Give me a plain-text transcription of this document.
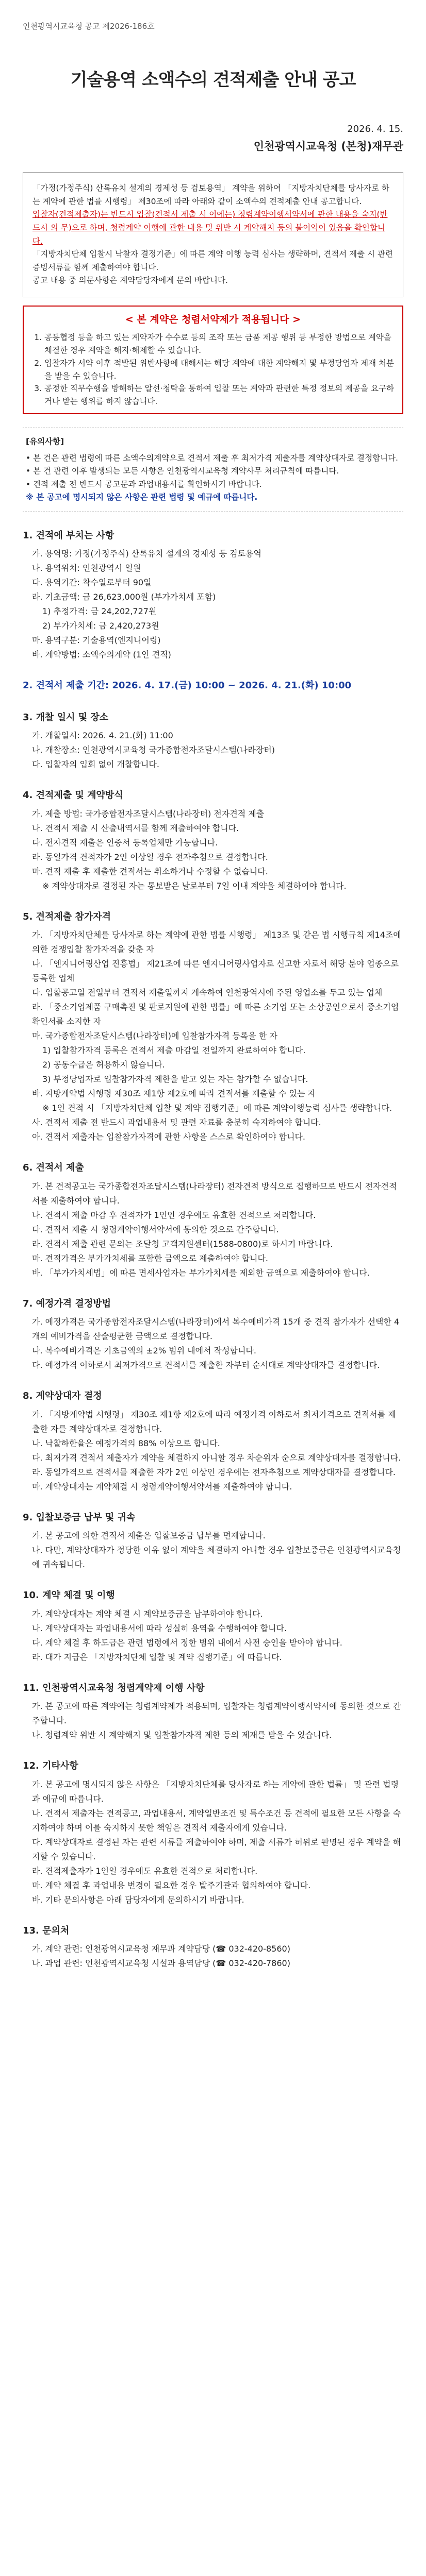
인천광역시교육청 공고 제2026-186호
기술용역 소액수의 견적제출 안내 공고
2026. 4. 15.
인천광역시교육청 (본청)재무관
「가정(가정주식) 산록유치 설계의 경제성 등 검토용역」 계약을 위하여 「지방자치단체를 당사자로 하는 계약에 관한 법률 시행령」 제30조에 따라 아래와 같이 소액수의 견적제출 안내 공고합니다.
입찰자(견적제출자)는 반드시 입찰(견적서 제출 시 이에는) 청렴계약이행서약서에 관한 내용을 숙지(반드시 의 무)으로 하며, 청렴계약 이행에 관한 내용 및 위반 시 계약해지 등의 불이익이 있음을 확인합니다.
「지방자치단체 입찰시 낙찰자 결정기준」에 따른 계약 이행 능력 심사는 생략하며, 견적서 제출 시 관련 증빙서류를 함께 제출하여야 합니다.
공고 내용 중 의문사항은 계약담당자에게 문의 바랍니다.
< 본 계약은 청렴서약제가 적용됩니다 >
1. 공동협정 등을 하고 있는 계약자가 수수료 등의 조작 또는 금품 제공 행위 등 부정한 방법으로 계약을 체결한 경우 계약을 해지·해제할 수 있습니다.
2. 입찰자가 서약 이후 적발된 위반사항에 대해서는 해당 계약에 대한 계약해지 및 부정당업자 제재 처분을 받을 수 있습니다.
3. 공정한 직무수행을 방해하는 알선·청탁을 통하여 입찰 또는 계약과 관련한 특정 정보의 제공을 요구하거나 받는 행위를 하지 않습니다.
[유의사항]
• 본 건은 관련 법령에 따른 소액수의계약으로 견적서 제출 후 최저가격 제출자를 계약상대자로 결정합니다.
• 본 건 관련 이후 발생되는 모든 사항은 인천광역시교육청 계약사무 처리규칙에 따릅니다.
• 견적 제출 전 반드시 공고문과 과업내용서를 확인하시기 바랍니다.
※ 본 공고에 명시되지 않은 사항은 관련 법령 및 예규에 따릅니다.
1. 견적에 부치는 사항
가. 용역명: 가정(가정주식) 산록유치 설계의 경제성 등 검토용역
나. 용역위치: 인천광역시 일원
다. 용역기간: 착수일로부터 90일
라. 기초금액: 금 26,623,000원 (부가가치세 포함)
1) 추정가격: 금 24,202,727원
2) 부가가치세: 금 2,420,273원
마. 용역구분: 기술용역(엔지니어링)
바. 계약방법: 소액수의계약 (1인 견적)
2. 견적서 제출 기간: 2026. 4. 17.(금) 10:00 ~ 2026. 4. 21.(화) 10:00
3. 개찰 일시 및 장소
가. 개찰일시: 2026. 4. 21.(화) 11:00
나. 개찰장소: 인천광역시교육청 국가종합전자조달시스템(나라장터)
다. 입찰자의 입회 없이 개찰합니다.
4. 견적제출 및 계약방식
가. 제출 방법: 국가종합전자조달시스템(나라장터) 전자견적 제출
나. 견적서 제출 시 산출내역서를 함께 제출하여야 합니다.
다. 전자견적 제출은 인증서 등록업체만 가능합니다.
라. 동일가격 견적자가 2인 이상일 경우 전자추첨으로 결정합니다.
마. 견적 제출 후 제출한 견적서는 취소하거나 수정할 수 없습니다.
※ 계약상대자로 결정된 자는 통보받은 날로부터 7일 이내 계약을 체결하여야 합니다.
5. 견적제출 참가자격
가. 「지방자치단체를 당사자로 하는 계약에 관한 법률 시행령」 제13조 및 같은 법 시행규칙 제14조에 의한 경쟁입찰 참가자격을 갖춘 자
나. 「엔지니어링산업 진흥법」 제21조에 따른 엔지니어링사업자로 신고한 자로서 해당 분야 업종으로 등록한 업체
다. 입찰공고일 전일부터 견적서 제출일까지 계속하여 인천광역시에 주된 영업소를 두고 있는 업체
라. 「중소기업제품 구매촉진 및 판로지원에 관한 법률」에 따른 소기업 또는 소상공인으로서 중소기업확인서를 소지한 자
마. 국가종합전자조달시스템(나라장터)에 입찰참가자격 등록을 한 자
1) 입찰참가자격 등록은 견적서 제출 마감일 전일까지 완료하여야 합니다.
2) 공동수급은 허용하지 않습니다.
3) 부정당업자로 입찰참가자격 제한을 받고 있는 자는 참가할 수 없습니다.
바. 지방계약법 시행령 제30조 제1항 제2호에 따라 견적서를 제출할 수 있는 자
※ 1인 견적 시 「지방자치단체 입찰 및 계약 집행기준」에 따른 계약이행능력 심사를 생략합니다.
사. 견적서 제출 전 반드시 과업내용서 및 관련 자료를 충분히 숙지하여야 합니다.
아. 견적서 제출자는 입찰참가자격에 관한 사항을 스스로 확인하여야 합니다.
6. 견적서 제출
가. 본 견적공고는 국가종합전자조달시스템(나라장터) 전자견적 방식으로 집행하므로 반드시 전자견적서를 제출하여야 합니다.
나. 견적서 제출 마감 후 견적자가 1인인 경우에도 유효한 견적으로 처리합니다.
다. 견적서 제출 시 청렴계약이행서약서에 동의한 것으로 간주합니다.
라. 견적서 제출 관련 문의는 조달청 고객지원센터(1588-0800)로 하시기 바랍니다.
마. 견적가격은 부가가치세를 포함한 금액으로 제출하여야 합니다.
바. 「부가가치세법」에 따른 면세사업자는 부가가치세를 제외한 금액으로 제출하여야 합니다.
7. 예정가격 결정방법
가. 예정가격은 국가종합전자조달시스템(나라장터)에서 복수예비가격 15개 중 견적 참가자가 선택한 4개의 예비가격을 산술평균한 금액으로 결정합니다.
나. 복수예비가격은 기초금액의 ±2% 범위 내에서 작성합니다.
다. 예정가격 이하로서 최저가격으로 견적서를 제출한 자부터 순서대로 계약상대자를 결정합니다.
8. 계약상대자 결정
가. 「지방계약법 시행령」 제30조 제1항 제2호에 따라 예정가격 이하로서 최저가격으로 견적서를 제출한 자를 계약상대자로 결정합니다.
나. 낙찰하한율은 예정가격의 88% 이상으로 합니다.
다. 최저가격 견적서 제출자가 계약을 체결하지 아니할 경우 차순위자 순으로 계약상대자를 결정합니다.
라. 동일가격으로 견적서를 제출한 자가 2인 이상인 경우에는 전자추첨으로 계약상대자를 결정합니다.
마. 계약상대자는 계약체결 시 청렴계약이행서약서를 제출하여야 합니다.
9. 입찰보증금 납부 및 귀속
가. 본 공고에 의한 견적서 제출은 입찰보증금 납부를 면제합니다.
나. 다만, 계약상대자가 정당한 이유 없이 계약을 체결하지 아니할 경우 입찰보증금은 인천광역시교육청에 귀속됩니다.
10. 계약 체결 및 이행
가. 계약상대자는 계약 체결 시 계약보증금을 납부하여야 합니다.
나. 계약상대자는 과업내용서에 따라 성실히 용역을 수행하여야 합니다.
다. 계약 체결 후 하도급은 관련 법령에서 정한 범위 내에서 사전 승인을 받아야 합니다.
라. 대가 지급은 「지방자치단체 입찰 및 계약 집행기준」에 따릅니다.
11. 인천광역시교육청 청렴계약제 이행 사항
가. 본 공고에 따른 계약에는 청렴계약제가 적용되며, 입찰자는 청렴계약이행서약서에 동의한 것으로 간주합니다.
나. 청렴계약 위반 시 계약해지 및 입찰참가자격 제한 등의 제재를 받을 수 있습니다.
12. 기타사항
가. 본 공고에 명시되지 않은 사항은 「지방자치단체를 당사자로 하는 계약에 관한 법률」 및 관련 법령과 예규에 따릅니다.
나. 견적서 제출자는 견적공고, 과업내용서, 계약일반조건 및 특수조건 등 견적에 필요한 모든 사항을 숙지하여야 하며 이를 숙지하지 못한 책임은 견적서 제출자에게 있습니다.
다. 계약상대자로 결정된 자는 관련 서류를 제출하여야 하며, 제출 서류가 허위로 판명된 경우 계약을 해지할 수 있습니다.
라. 견적제출자가 1인일 경우에도 유효한 견적으로 처리합니다.
마. 계약 체결 후 과업내용 변경이 필요한 경우 발주기관과 협의하여야 합니다.
바. 기타 문의사항은 아래 담당자에게 문의하시기 바랍니다.
13. 문의처
가. 계약 관련: 인천광역시교육청 재무과 계약담당 (☎ 032-420-8560)
나. 과업 관련: 인천광역시교육청 시설과 용역담당 (☎ 032-420-7860)
